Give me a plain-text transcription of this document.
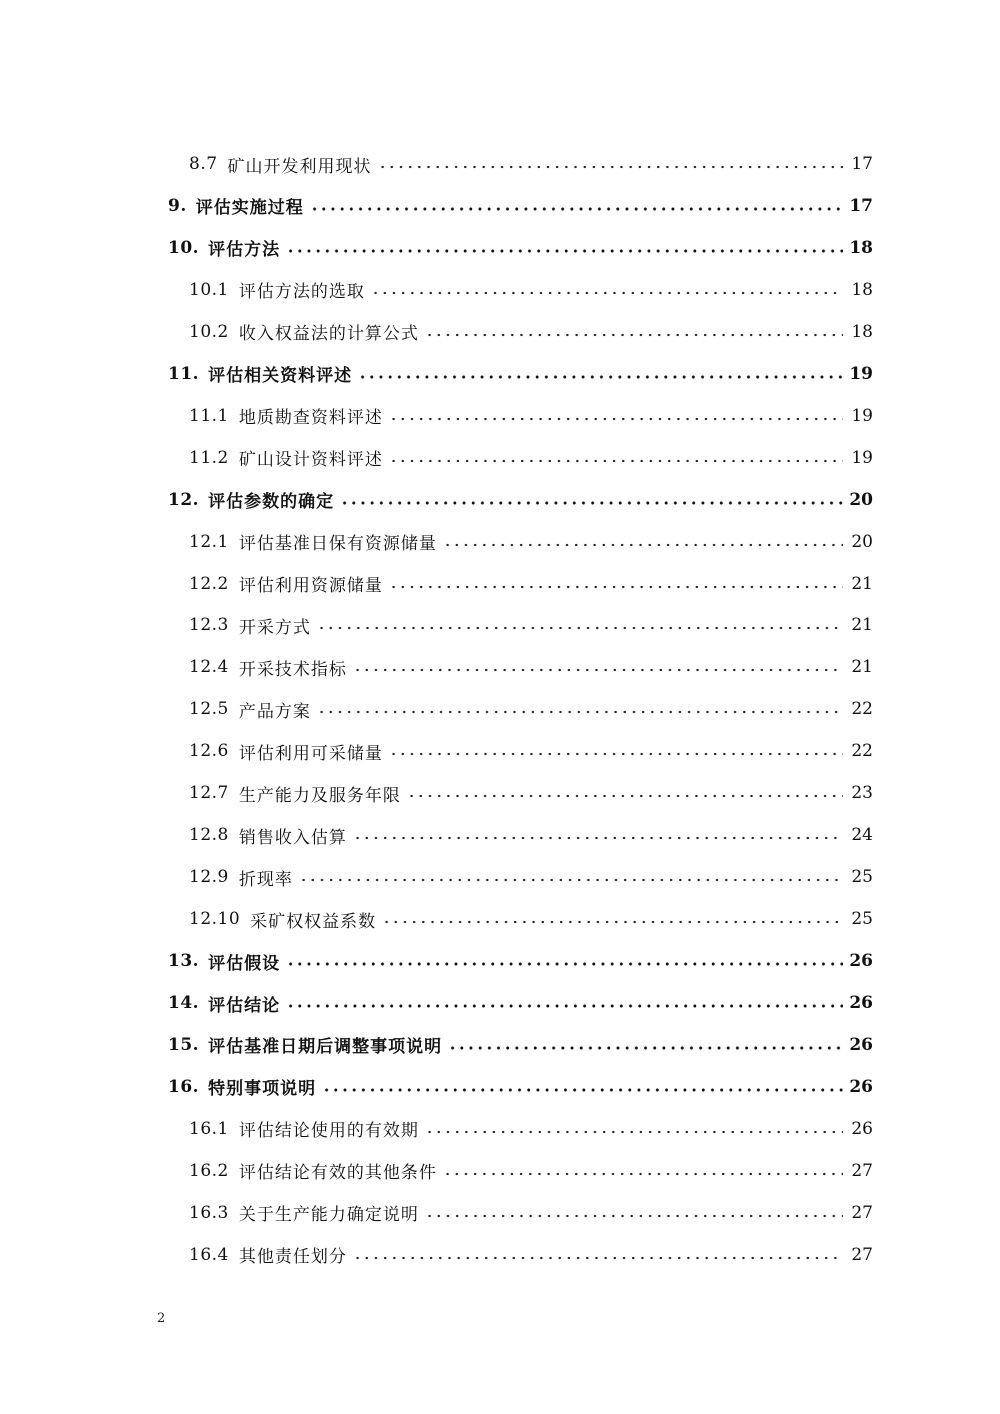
8.7 矿山开发利用现状	17
9. 评估实施过程	17
10. 评估方法	18
10.1 评估方法的选取	18
10.2 收入权益法的计算公式	18
11. 评估相关资料评述	19
11.1 地质勘查资料评述	19
11.2 矿山设计资料评述	19
12. 评估参数的确定	20
12.1 评估基准日保有资源储量	20
12.2 评估利用资源储量	21
12.3 开采方式	21
12.4 开采技术指标	21
12.5 产品方案	22
12.6 评估利用可采储量	22
12.7 生产能力及服务年限	23
12.8 销售收入估算	24
12.9 折现率	25
12.10 采矿权权益系数	25
13. 评估假设	26
14. 评估结论	26
15. 评估基准日期后调整事项说明	26
16. 特别事项说明	26
16.1 评估结论使用的有效期	26
16.2 评估结论有效的其他条件	27
16.3 关于生产能力确定说明	27
16.4 其他责任划分	27
2
